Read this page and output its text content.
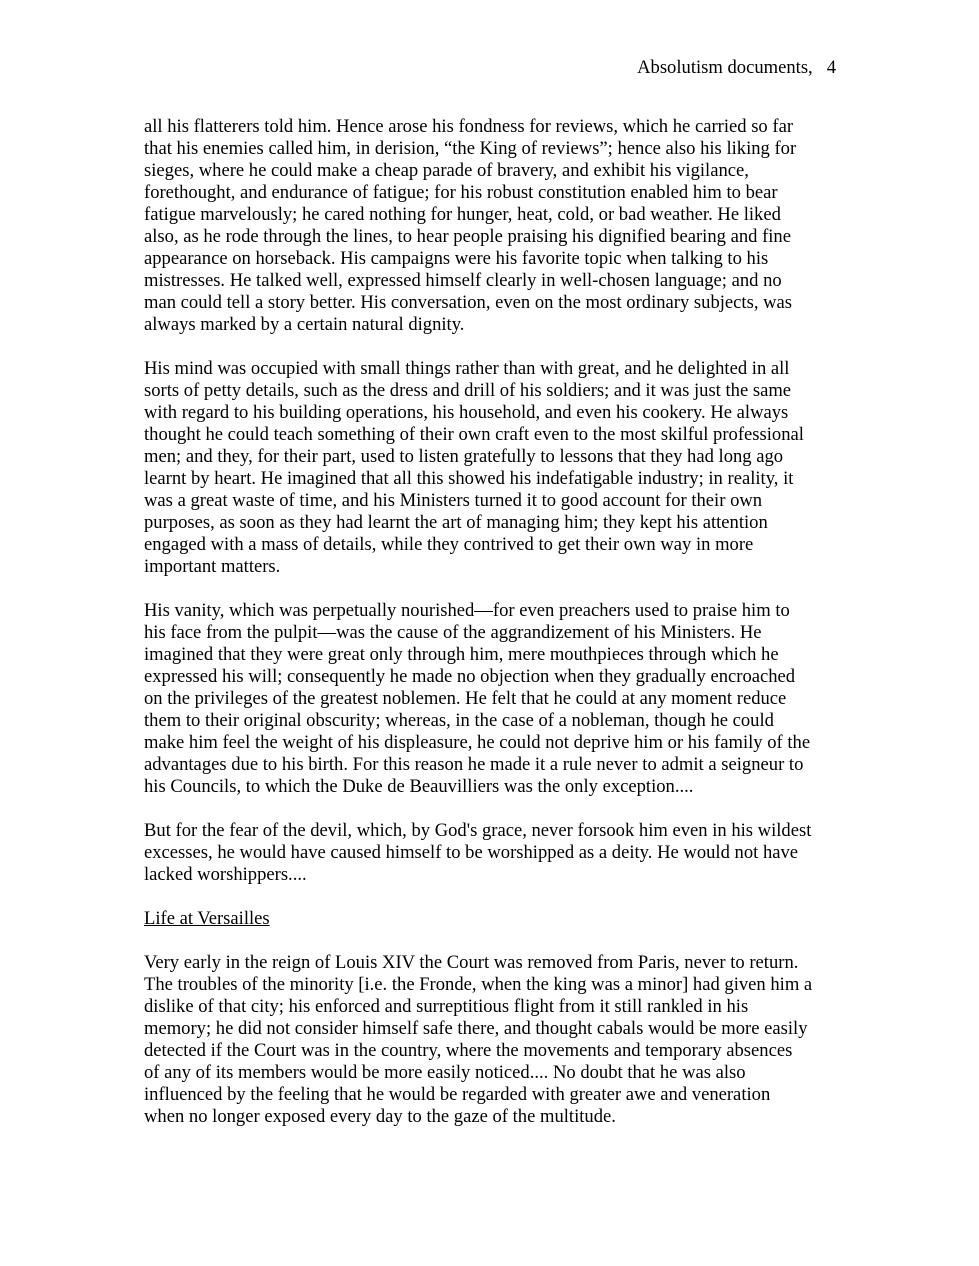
Absolutism documents, 4

all his flatterers told him. Hence arose his fondness for reviews, which he carried so far
that his enemies called him, in derision, “the King of reviews”; hence also his liking for
sieges, where he could make a cheap parade of bravery, and exhibit his vigilance,
forethought, and endurance of fatigue; for his robust constitution enabled him to bear
fatigue marvelously; he cared nothing for hunger, heat, cold, or bad weather. He liked
also, as he rode through the lines, to hear people praising his dignified bearing and fine
appearance on horseback. His campaigns were his favorite topic when talking to his
mistresses. He talked well, expressed himself clearly in well-chosen language; and no
man could tell a story better. His conversation, even on the most ordinary subjects, was
always marked by a certain natural dignity.

His mind was occupied with small things rather than with great, and he delighted in all
sorts of petty details, such as the dress and drill of his soldiers; and it was just the same
with regard to his building operations, his household, and even his cookery. He always
thought he could teach something of their own craft even to the most skilful professional
men; and they, for their part, used to listen gratefully to lessons that they had long ago
learnt by heart. He imagined that all this showed his indefatigable industry; in reality, it
was a great waste of time, and his Ministers turned it to good account for their own
purposes, as soon as they had learnt the art of managing him; they kept his attention
engaged with a mass of details, while they contrived to get their own way in more
important matters.

His vanity, which was perpetually nourished—for even preachers used to praise him to
his face from the pulpit—was the cause of the aggrandizement of his Ministers. He
imagined that they were great only through him, mere mouthpieces through which he
expressed his will; consequently he made no objection when they gradually encroached
on the privileges of the greatest noblemen. He felt that he could at any moment reduce
them to their original obscurity; whereas, in the case of a nobleman, though he could
make him feel the weight of his displeasure, he could not deprive him or his family of the
advantages due to his birth. For this reason he made it a rule never to admit a seigneur to
his Councils, to which the Duke de Beauvilliers was the only exception....

But for the fear of the devil, which, by God's grace, never forsook him even in his wildest
excesses, he would have caused himself to be worshipped as a deity. He would not have
lacked worshippers....

Life at Versailles

Very early in the reign of Louis XIV the Court was removed from Paris, never to return.
The troubles of the minority [i.e. the Fronde, when the king was a minor] had given him a
dislike of that city; his enforced and surreptitious flight from it still rankled in his
memory; he did not consider himself safe there, and thought cabals would be more easily
detected if the Court was in the country, where the movements and temporary absences
of any of its members would be more easily noticed.... No doubt that he was also
influenced by the feeling that he would be regarded with greater awe and veneration
when no longer exposed every day to the gaze of the multitude.
